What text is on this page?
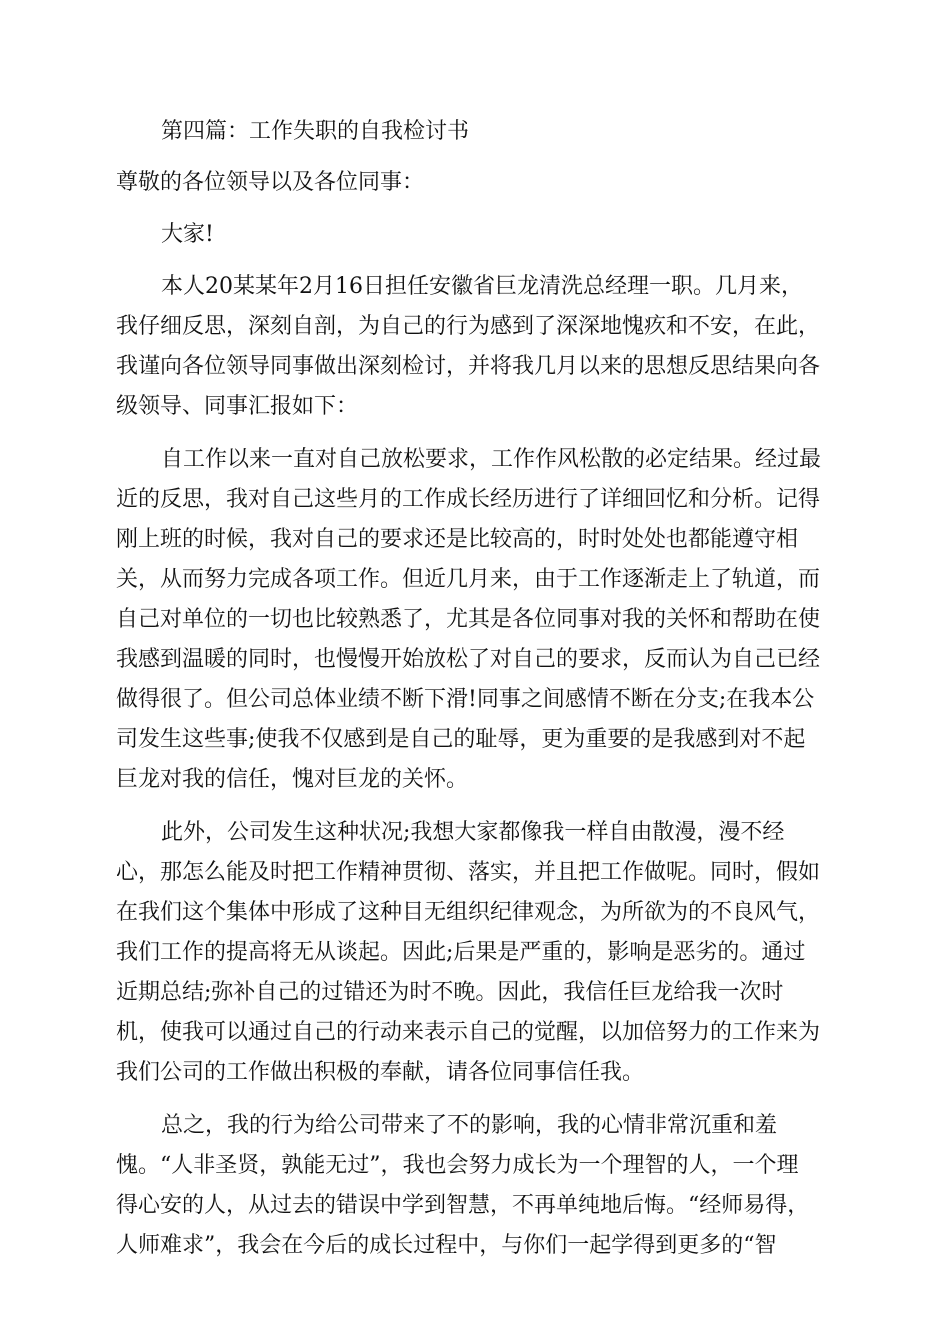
第四篇：工作失职的自我检讨书
尊敬的各位领导以及各位同事：
大家!
本人20某某年2月16日担任安徽省巨龙清洗总经理一职。几月来，
我仔细反思，深刻自剖，为自己的行为感到了深深地愧疚和不安，在此，
我谨向各位领导同事做出深刻检讨，并将我几月以来的思想反思结果向各
级领导、同事汇报如下：
自工作以来一直对自己放松要求，工作作风松散的必定结果。经过最
近的反思，我对自己这些月的工作成长经历进行了详细回忆和分析。记得
刚上班的时候，我对自己的要求还是比较高的，时时处处也都能遵守相
关，从而努力完成各项工作。但近几月来，由于工作逐渐走上了轨道，而
自己对单位的一切也比较熟悉了，尤其是各位同事对我的关怀和帮助在使
我感到温暖的同时，也慢慢开始放松了对自己的要求，反而认为自己已经
做得很了。但公司总体业绩不断下滑!同事之间感情不断在分支;在我本公
司发生这些事;使我不仅感到是自己的耻辱，更为重要的是我感到对不起
巨龙对我的信任，愧对巨龙的关怀。
此外，公司发生这种状况;我想大家都像我一样自由散漫，漫不经
心，那怎么能及时把工作精神贯彻、落实，并且把工作做呢。同时，假如
在我们这个集体中形成了这种目无组织纪律观念，为所欲为的不良风气，
我们工作的提高将无从谈起。因此;后果是严重的，影响是恶劣的。通过
近期总结;弥补自己的过错还为时不晚。因此，我信任巨龙给我一次时
机，使我可以通过自己的行动来表示自己的觉醒，以加倍努力的工作来为
我们公司的工作做出积极的奉献，请各位同事信任我。
总之，我的行为给公司带来了不的影响，我的心情非常沉重和羞
愧。“人非圣贤，孰能无过”，我也会努力成长为一个理智的人，一个理
得心安的人，从过去的错误中学到智慧，不再单纯地后悔。“经师易得，
人师难求”，我会在今后的成长过程中，与你们一起学得到更多的“智
